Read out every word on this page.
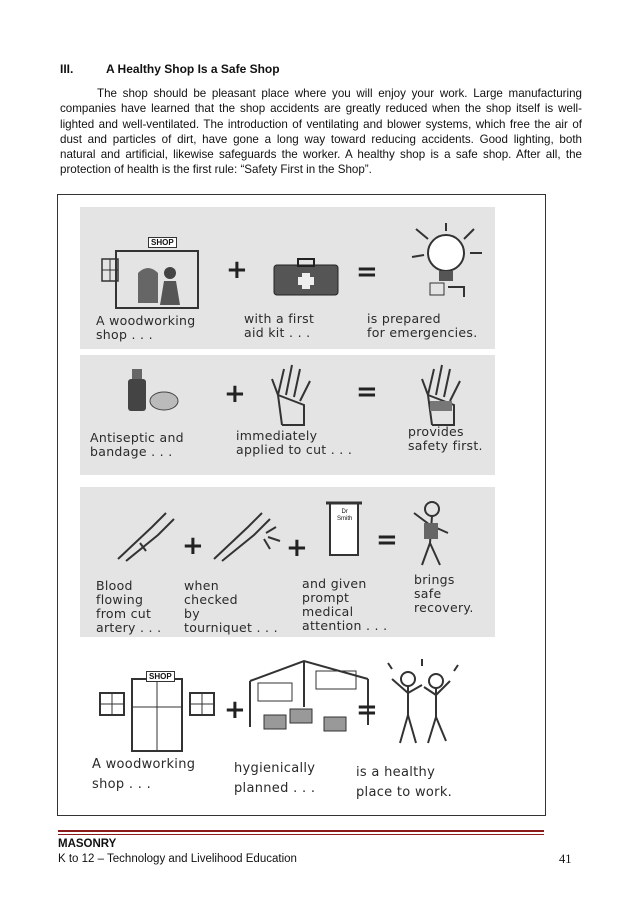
III.	A Healthy Shop Is a Safe Shop

The shop should be pleasant place where you will enjoy your work. Large manufacturing companies have learned that the shop accidents are greatly reduced when the shop itself is well-lighted and well-ventilated. The introduction of ventilating and blower systems, which free the air of dust and particles of dirt, have gone a long way toward reducing accidents. Good lighting, both natural and artificial, likewise safeguards the worker. A healthy shop is a safe shop. After all, the protection of health is the first rule: “Safety First in the Shop”.

SHOP
+	=
A woodworking
shop . . .
with a first
aid kit . . .
is prepared
for emergencies.
+	=
Antiseptic and
bandage . . .
immediately
applied to cut . . .
provides
safety first.
+	+
Dr
Smith
=
Blood
flowing
from cut
artery . . .
when
checked
by
tourniquet . . .
and given
prompt
medical
attention . . .
brings
safe
recovery.
SHOP
+	=
A woodworking
shop . . .
hygienically
planned . . .
is a healthy
place to work.
MASONRY
K to 12 – Technology and Livelihood Education	41
